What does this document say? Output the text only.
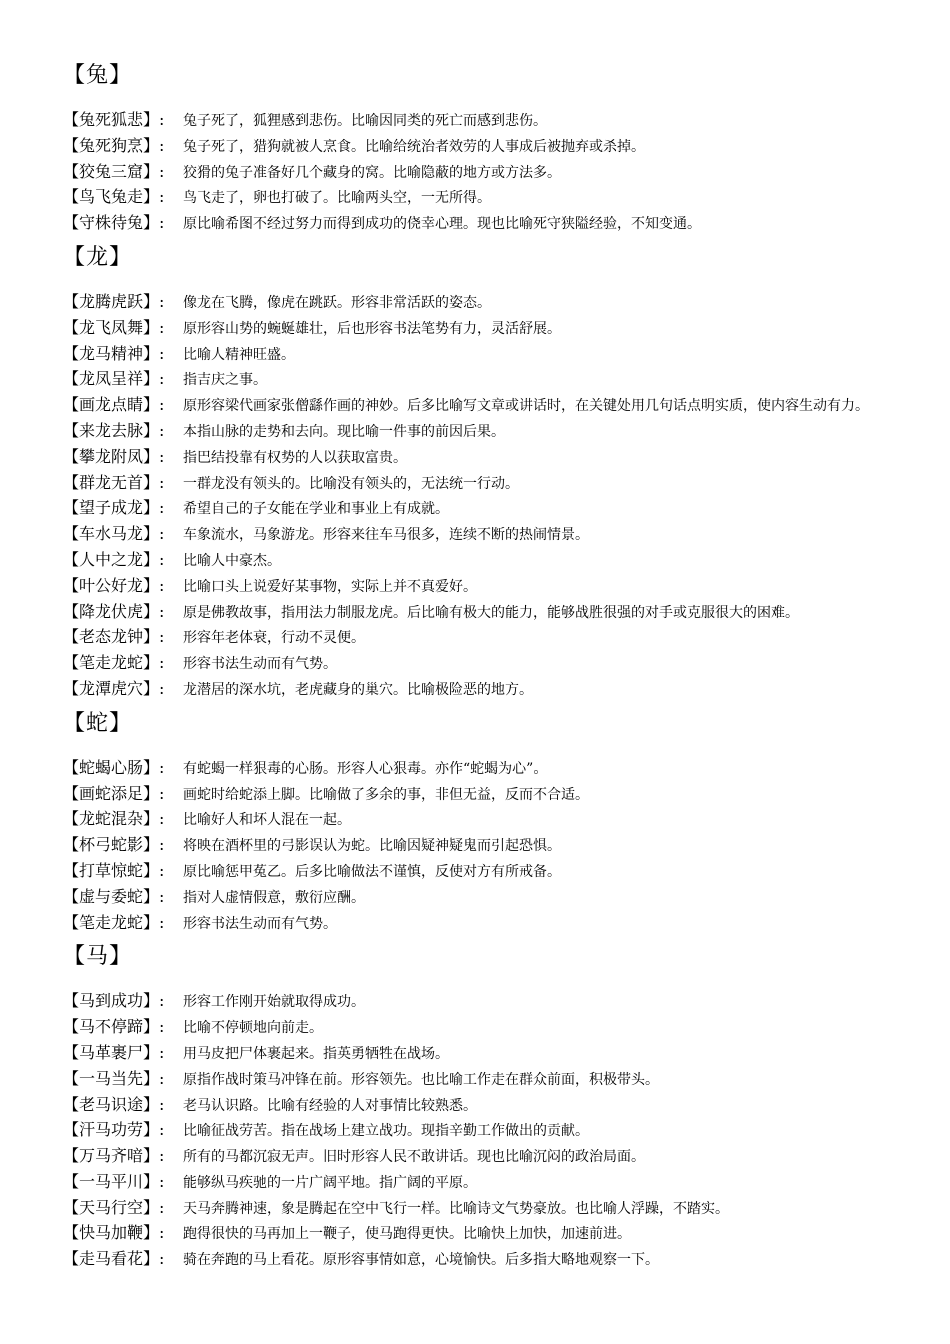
【兔】
【兔死狐悲】:	兔子死了，狐狸感到悲伤。比喻因同类的死亡而感到悲伤。
【兔死狗烹】:	兔子死了，猎狗就被人烹食。比喻给统治者效劳的人事成后被抛弃或杀掉。
【狡兔三窟】:	狡猾的兔子准备好几个藏身的窝。比喻隐蔽的地方或方法多。
【鸟飞兔走】:	鸟飞走了，卵也打破了。比喻两头空，一无所得。
【守株待兔】:	原比喻希图不经过努力而得到成功的侥幸心理。现也比喻死守狭隘经验，不知变通。
【龙】
【龙腾虎跃】:	像龙在飞腾，像虎在跳跃。形容非常活跃的姿态。
【龙飞凤舞】:	原形容山势的蜿蜒雄壮，后也形容书法笔势有力，灵活舒展。
【龙马精神】:	比喻人精神旺盛。
【龙凤呈祥】:	指吉庆之事。
【画龙点睛】:	原形容梁代画家张僧繇作画的神妙。后多比喻写文章或讲话时，在关键处用几句话点明实质，使内容生动有力。
【来龙去脉】:	本指山脉的走势和去向。现比喻一件事的前因后果。
【攀龙附凤】:	指巴结投靠有权势的人以获取富贵。
【群龙无首】:	一群龙没有领头的。比喻没有领头的，无法统一行动。
【望子成龙】:	希望自己的子女能在学业和事业上有成就。
【车水马龙】:	车象流水，马象游龙。形容来往车马很多，连续不断的热闹情景。
【人中之龙】:	比喻人中豪杰。
【叶公好龙】:	比喻口头上说爱好某事物，实际上并不真爱好。
【降龙伏虎】:	原是佛教故事，指用法力制服龙虎。后比喻有极大的能力，能够战胜很强的对手或克服很大的困难。
【老态龙钟】:	形容年老体衰，行动不灵便。
【笔走龙蛇】:	形容书法生动而有气势。
【龙潭虎穴】:	龙潜居的深水坑，老虎藏身的巢穴。比喻极险恶的地方。
【蛇】
【蛇蝎心肠】:	有蛇蝎一样狠毒的心肠。形容人心狠毒。亦作“蛇蝎为心”。
【画蛇添足】:	画蛇时给蛇添上脚。比喻做了多余的事，非但无益，反而不合适。
【龙蛇混杂】:	比喻好人和坏人混在一起。
【杯弓蛇影】:	将映在酒杯里的弓影误认为蛇。比喻因疑神疑鬼而引起恐惧。
【打草惊蛇】:	原比喻惩甲菟乙。后多比喻做法不谨慎，反使对方有所戒备。
【虚与委蛇】:	指对人虚情假意，敷衍应酬。
【笔走龙蛇】:	形容书法生动而有气势。
【马】
【马到成功】:	形容工作刚开始就取得成功。
【马不停蹄】:	比喻不停顿地向前走。
【马革裹尸】:	用马皮把尸体裹起来。指英勇牺牲在战场。
【一马当先】:	原指作战时策马冲锋在前。形容领先。也比喻工作走在群众前面，积极带头。
【老马识途】:	老马认识路。比喻有经验的人对事情比较熟悉。
【汗马功劳】:	比喻征战劳苦。指在战场上建立战功。现指辛勤工作做出的贡献。
【万马齐喑】:	所有的马都沉寂无声。旧时形容人民不敢讲话。现也比喻沉闷的政治局面。
【一马平川】:	能够纵马疾驰的一片广阔平地。指广阔的平原。
【天马行空】:	天马奔腾神速，象是腾起在空中飞行一样。比喻诗文气势豪放。也比喻人浮躁，不踏实。
【快马加鞭】:	跑得很快的马再加上一鞭子，使马跑得更快。比喻快上加快，加速前进。
【走马看花】:	骑在奔跑的马上看花。原形容事情如意，心境愉快。后多指大略地观察一下。
